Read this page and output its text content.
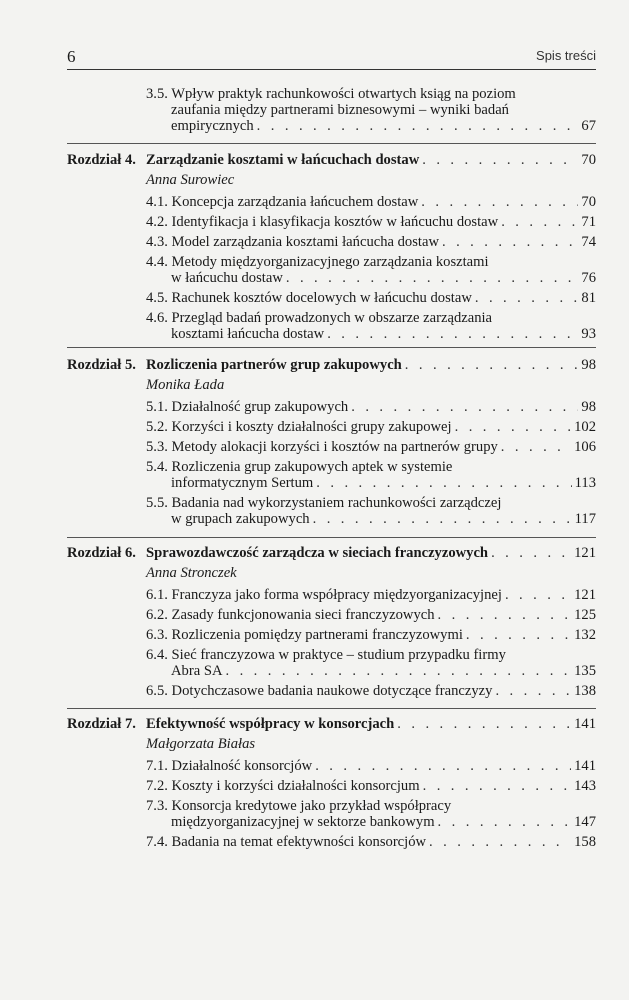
6	Spis treści
3.5. Wpływ praktyk rachunkowości otwartych ksiąg na poziom
zaufania między partnerami biznesowymi – wyniki badań
empirycznych . . .	67
Rozdział 4. Zarządzanie kosztami w łańcuchach dostaw . . .	70
Anna Surowiec
4.1.
Koncepcja zarządzania łańcuchem dostaw . . .	70
4.2.
Identyfikacja i klasyfikacja kosztów w łańcuchu dostaw . . .	71
4.3.
Model zarządzania kosztami łańcucha dostaw . . .	74
4.4. Metody międzyorganizacyjnego zarządzania kosztami
w łańcuchu dostaw . . .	76
4.5.
Rachunek kosztów docelowych w łańcuchu dostaw . . .	81
4.6. Przegląd badań prowadzonych w obszarze zarządzania
kosztami łańcucha dostaw . . .	93
Rozdział 5. Rozliczenia partnerów grup zakupowych . . .	98
Monika Łada
5.1.
Działalność grup zakupowych . . .	98
5.2.
Korzyści i koszty działalności grupy zakupowej . . .	102
5.3.
Metody alokacji korzyści i kosztów na partnerów grupy . . .	106
5.4. Rozliczenia grup zakupowych aptek w systemie
informatycznym Sertum . . .	113
5.5. Badania nad wykorzystaniem rachunkowości zarządczej
w grupach zakupowych . . .	117
Rozdział 6. Sprawozdawczość zarządcza w sieciach franczyzowych . . .	121
Anna Stronczek
6.1.
Franczyza jako forma współpracy międzyorganizacyjnej . . .	121
6.2.
Zasady funkcjonowania sieci franczyzowych . . .	125
6.3.
Rozliczenia pomiędzy partnerami franczyzowymi . . .	132
6.4. Sieć franczyzowa w praktyce – studium przypadku firmy
Abra SA . . .	135
6.5.
Dotychczasowe badania naukowe dotyczące franczyzy . . .	138
Rozdział 7. Efektywność współpracy w konsorcjach . . .	141
Małgorzata Białas
7.1.
Działalność konsorcjów . . .	141
7.2.
Koszty i korzyści działalności konsorcjum . . .	143
7.3. Konsorcja kredytowe jako przykład współpracy
międzyorganizacyjnej w sektorze bankowym . . .	147
7.4.
Badania na temat efektywności konsorcjów . . .	158
